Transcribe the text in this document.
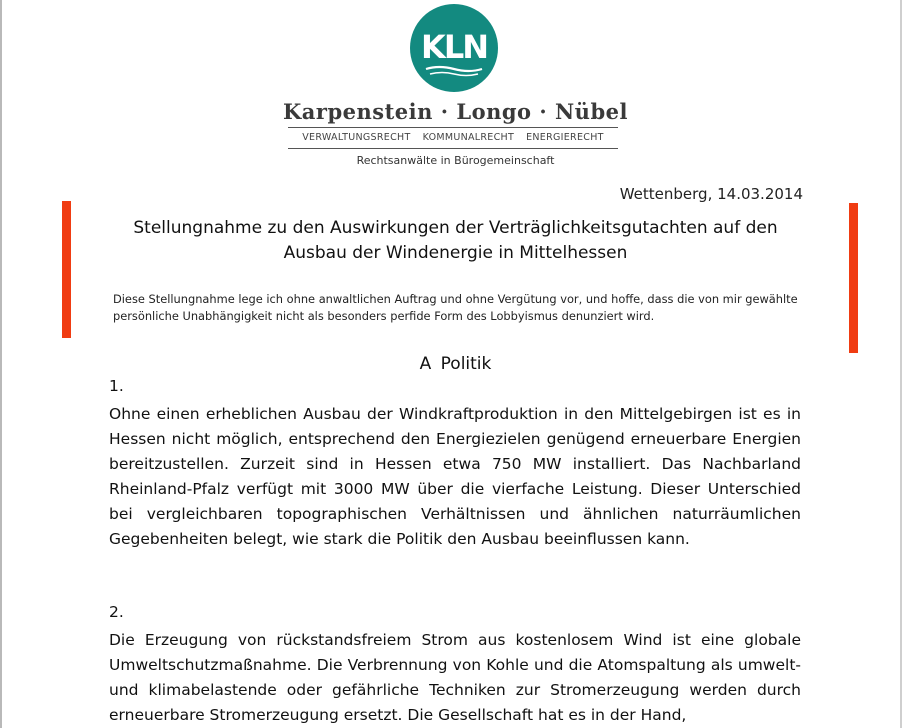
KLN
Karpenstein · Longo · Nübel
VERWALTUNGSRECHT KOMMUNALRECHT ENERGIERECHT
Rechtsanwälte in Bürogemeinschaft
Wettenberg, 14.03.2014
Stellungnahme zu den Auswirkungen der Verträglichkeitsgutachten auf den
Ausbau der Windenergie in Mittelhessen
Diese Stellungnahme lege ich ohne anwaltlichen Auftrag und ohne Vergütung vor, und hoffe, dass die von mir gewählte persönliche Unabhängigkeit nicht als besonders perfide Form des Lobbyismus denunziert wird.
A Politik
1.

Ohne einen erheblichen Ausbau der Windkraftproduktion in den Mittelgebirgen ist es in Hessen nicht möglich, entsprechend den Energiezielen genügend erneuerbare Energien bereitzustellen. Zurzeit sind in Hessen etwa 750 MW installiert. Das Nachbarland Rheinland-Pfalz verfügt mit 3000 MW über die vierfache Leistung. Dieser Unterschied bei vergleichbaren topographischen Verhältnissen und ähnlichen naturräumlichen Gegebenheiten belegt, wie stark die Politik den Ausbau beeinflussen kann.

2.

Die Erzeugung von rückstandsfreiem Strom aus kostenlosem Wind ist eine globale Umweltschutzmaßnahme. Die Verbrennung von Kohle und die Atomspaltung als umwelt- und klimabelastende oder gefährliche Techniken zur Stromerzeugung werden durch erneuerbare Stromerzeugung ersetzt. Die Gesellschaft hat es in der Hand,
